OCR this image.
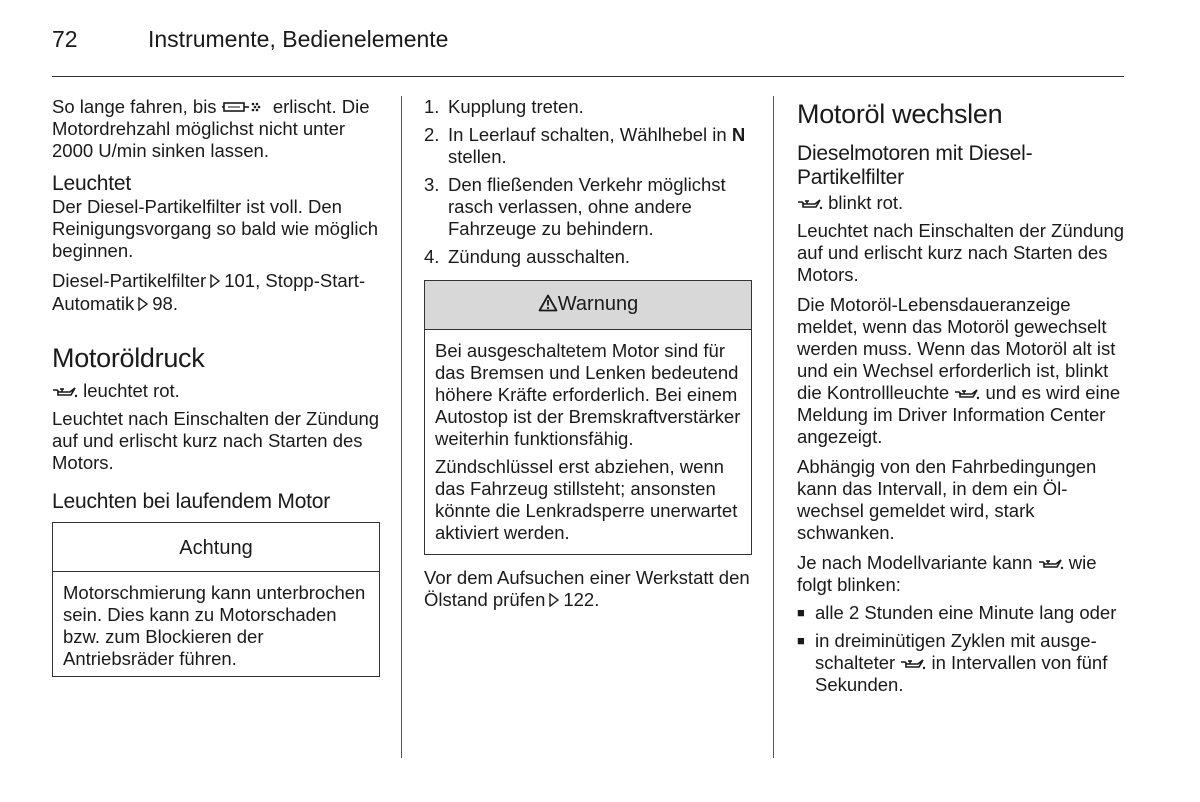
72	Instrumente, Bedienelemente

So lange fahren, bis	erlischt. Die Motordrehzahl möglichst nicht unter 2000 U/min sinken lassen.

Leuchtet

Der Diesel-Partikelfilter ist voll. Den Reinigungsvorgang so bald wie möglich beginnen.

Diesel-Partikelfilter 101, Stopp-Start-Automatik 98.

Motoröldruck

leuchtet rot.

Leuchtet nach Einschalten der Zündung auf und erlischt kurz nach Starten des Motors.

Leuchten bei laufendem Motor
Achtung

Motorschmierung kann unterbrochen sein. Dies kann zu Motorschaden bzw. zum Blockieren der Antriebsräder führen.

1. Kupplung treten.
2. In Leerlauf schalten, Wählhebel in N stellen.
3. Den fließenden Verkehr möglichst rasch verlassen, ohne andere Fahrzeuge zu behindern.
4. Zündung ausschalten.
Warnung

Bei ausgeschaltetem Motor sind für das Bremsen und Lenken bedeutend höhere Kräfte erforderlich. Bei einem Autostop ist der Bremskraftverstärker weiterhin funktionsfähig.

Zündschlüssel erst abziehen, wenn das Fahrzeug stillsteht; ansonsten könnte die Lenkradsperre unerwartet aktiviert werden.

Vor dem Aufsuchen einer Werkstatt den Ölstand prüfen 122.

Motoröl wechslen
Dieselmotoren mit Diesel-Partikelfilter

blinkt rot.

Leuchtet nach Einschalten der Zündung auf und erlischt kurz nach Starten des Motors.

Die Motoröl-Lebensdaueranzeige meldet, wenn das Motoröl gewechselt werden muss. Wenn das Motoröl alt ist und ein Wechsel erforderlich ist, blinkt die Kontrollleuchte und es wird eine Meldung im Driver Information Center angezeigt.

Abhängig von den Fahrbedingungen kann das Intervall, in dem ein Ölwechsel gemeldet wird, stark schwanken.

Je nach Modellvariante kann wie folgt blinken:

■ alle 2 Stunden eine Minute lang oder
■ in dreiminütigen Zyklen mit ausgeschalteter in Intervallen von fünf Sekunden.
